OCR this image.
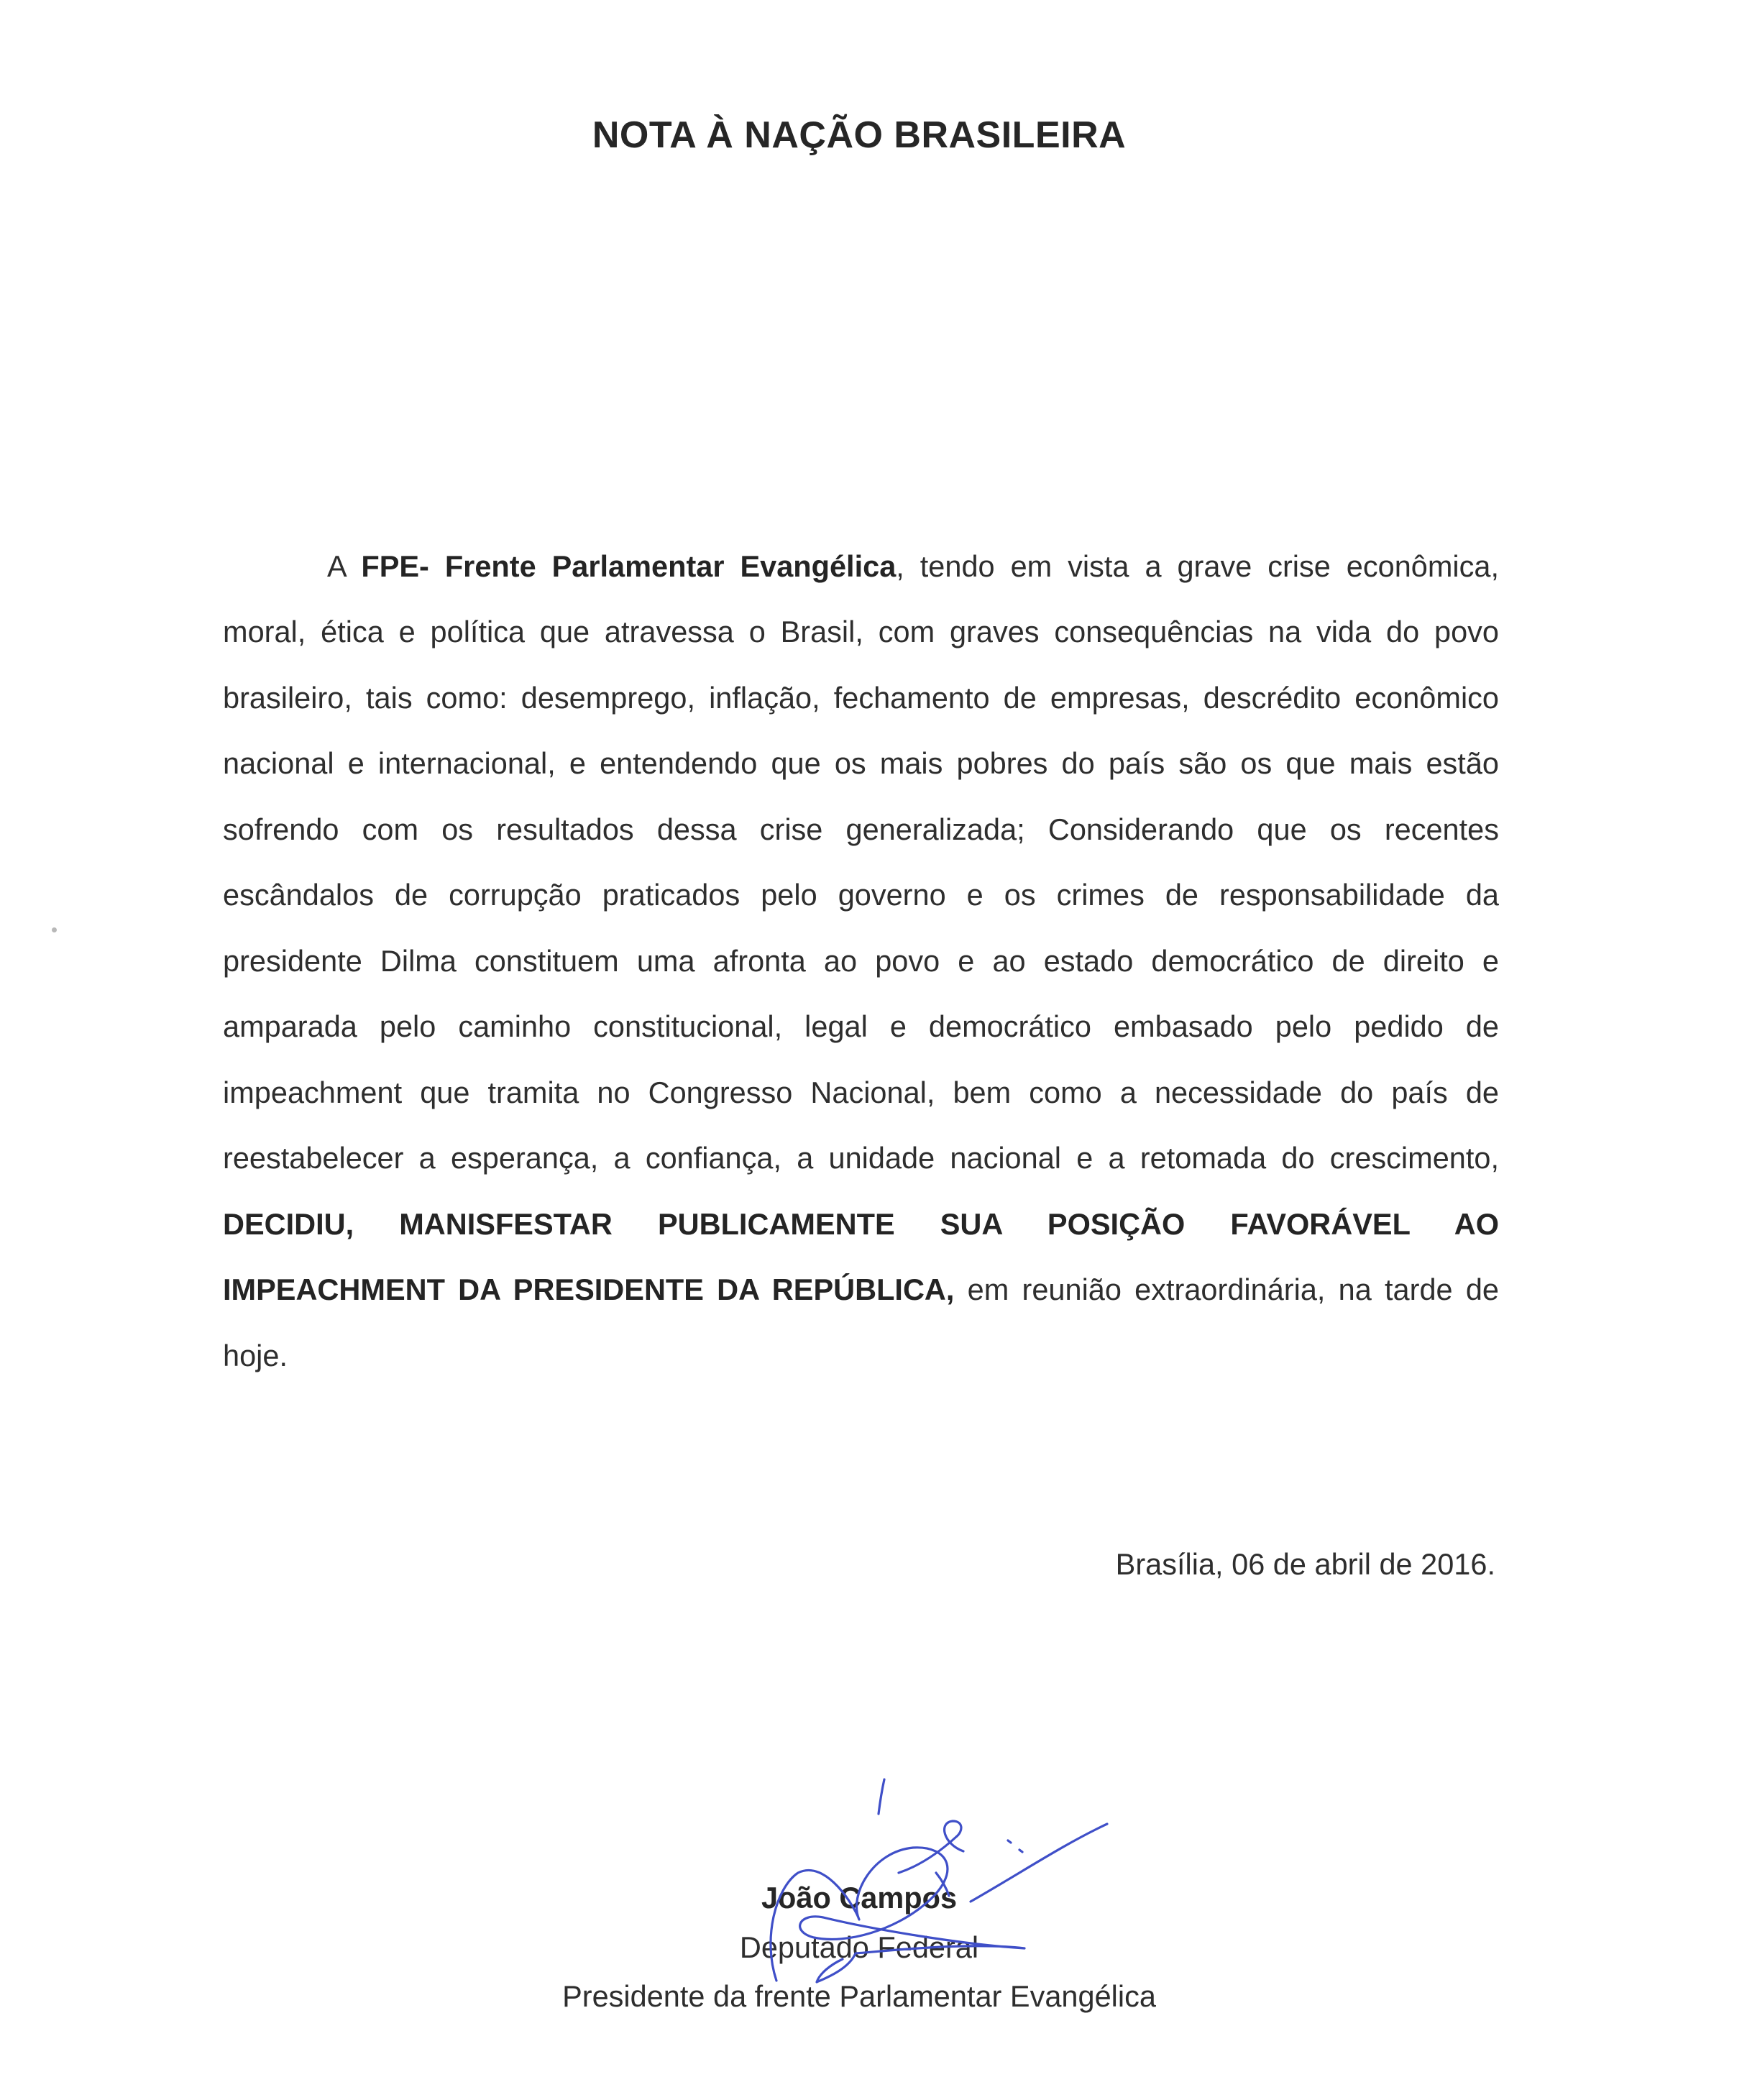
NOTA À NAÇÃO BRASILEIRA

A FPE- Frente Parlamentar Evangélica, tendo em vista a grave crise econômica, moral, ética e política que atravessa o Brasil, com graves consequências na vida do povo brasileiro, tais como: desemprego, inflação, fechamento de empresas, descrédito econômico nacional e internacional, e entendendo que os mais pobres do país são os que mais estão sofrendo com os resultados dessa crise generalizada; Considerando que os recentes escândalos de corrupção praticados pelo governo e os crimes de responsabilidade da presidente Dilma constituem uma afronta ao povo e ao estado democrático de direito e amparada pelo caminho constitucional, legal e democrático embasado pelo pedido de impeachment que tramita no Congresso Nacional, bem como a necessidade do país de reestabelecer a esperança, a confiança, a unidade nacional e a retomada do crescimento, DECIDIU, MANISFESTAR PUBLICAMENTE SUA POSIÇÃO FAVORÁVEL AO IMPEACHMENT DA PRESIDENTE DA REPÚBLICA, em reunião extraordinária, na tarde de hoje.

Brasília, 06 de abril de 2016.
João Campos
Deputado Federal
Presidente da frente Parlamentar Evangélica
